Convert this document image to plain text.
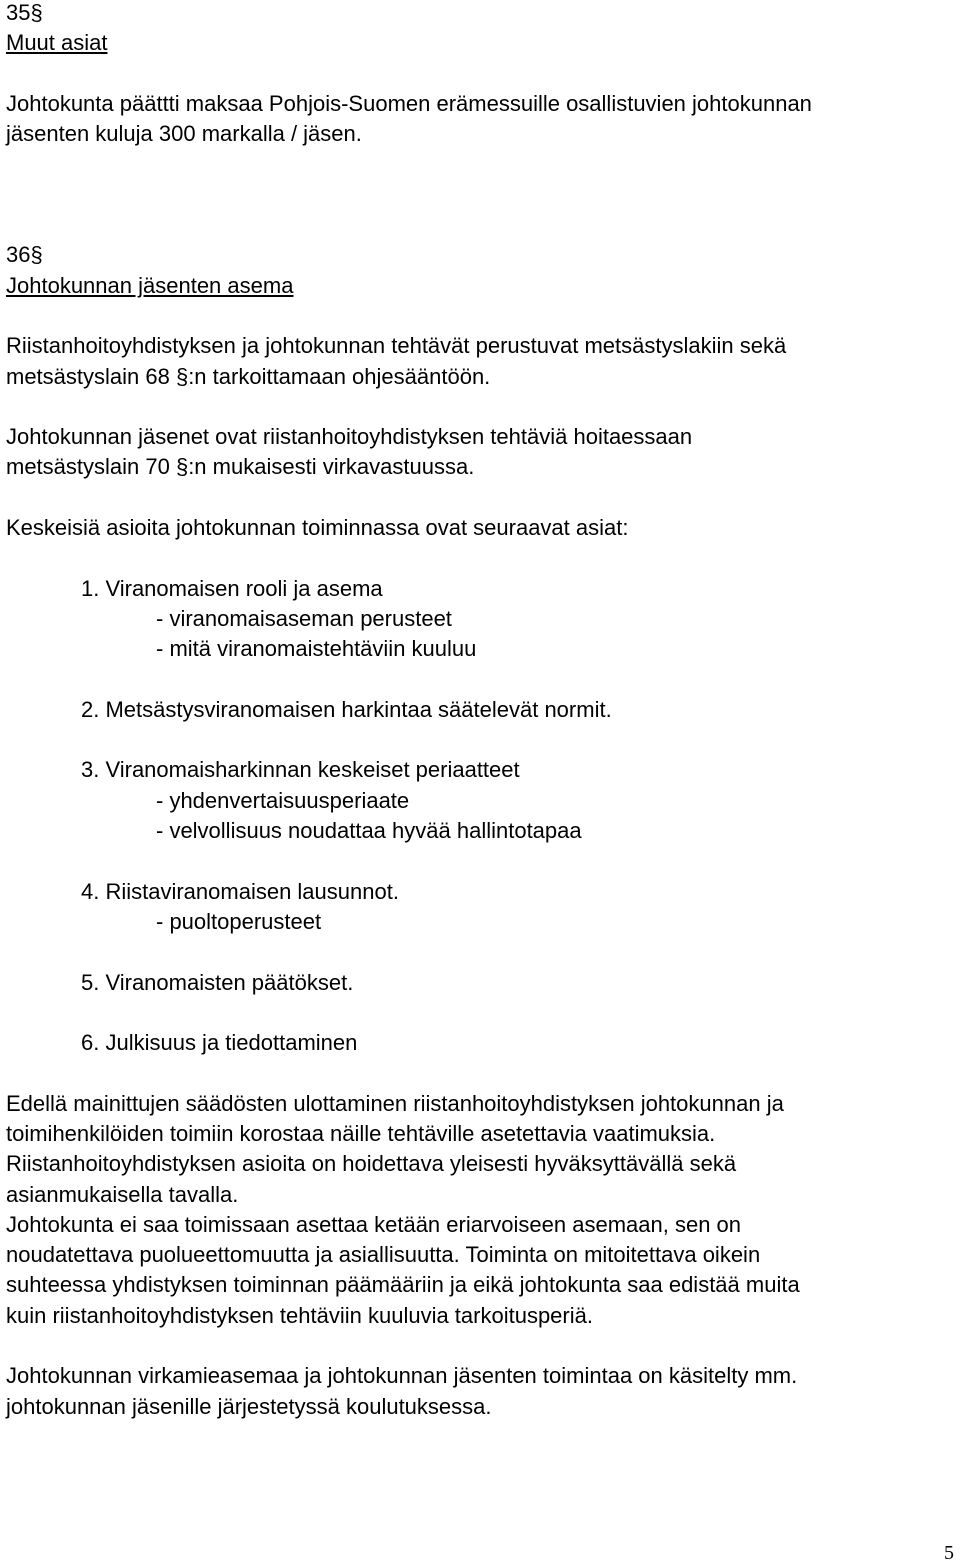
35§
Muut asiat
Johtokunta päättti maksaa Pohjois-Suomen erämessuille osallistuvien johtokunnan
jäsenten kuluja 300 markalla / jäsen.
36§
Johtokunnan jäsenten asema
Riistanhoitoyhdistyksen ja johtokunnan tehtävät perustuvat metsästyslakiin sekä
metsästyslain 68 §:n tarkoittamaan ohjesääntöön.
Johtokunnan jäsenet ovat riistanhoitoyhdistyksen tehtäviä hoitaessaan
metsästyslain 70 §:n mukaisesti virkavastuussa.
Keskeisiä asioita johtokunnan toiminnassa ovat seuraavat asiat:
1. Viranomaisen rooli ja asema
- viranomaisaseman perusteet
- mitä viranomaistehtäviin kuuluu
2. Metsästysviranomaisen harkintaa säätelevät normit.
3. Viranomaisharkinnan keskeiset periaatteet
- yhdenvertaisuusperiaate
- velvollisuus noudattaa hyvää hallintotapaa
4. Riistaviranomaisen lausunnot.
- puoltoperusteet
5. Viranomaisten päätökset.
6. Julkisuus ja tiedottaminen
Edellä mainittujen säädösten ulottaminen riistanhoitoyhdistyksen johtokunnan ja
toimihenkilöiden toimiin korostaa näille tehtäville asetettavia vaatimuksia.
Riistanhoitoyhdistyksen asioita on hoidettava yleisesti hyväksyttävällä sekä
asianmukaisella tavalla.
Johtokunta ei saa toimissaan asettaa ketään eriarvoiseen asemaan, sen on
noudatettava puolueettomuutta ja asiallisuutta. Toiminta on mitoitettava oikein
suhteessa yhdistyksen toiminnan päämääriin ja eikä johtokunta saa edistää muita
kuin riistanhoitoyhdistyksen tehtäviin kuuluvia tarkoitusperiä.
Johtokunnan virkamieasemaa ja johtokunnan jäsenten toimintaa on käsitelty mm.
johtokunnan jäsenille järjestetyssä koulutuksessa.
5
